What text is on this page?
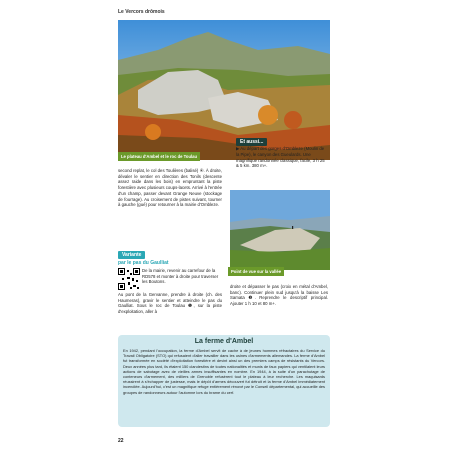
Le Vercors drômois
Le plateau d'Ambel et le roc de Toulau
Et aussi...
▶ Au départ des gorges d'Ombleze (Moulin de la Pipe), le canyon des Gueulards. Une magnifique randonnée classique, facile, 3 h 25 & 5 km. 380 m+.
second replat, le col des Toulières (balisé) ④. À droite, dévaler le sentier en direction des Tonils (descente assez raide dans les bois) en empruntant la piste forestière avec plusieurs coups-lacets. Arrivé à l'entrée d'un champ, passer devant Grange Neuve (stockage de fourrage). Au croisement de pistes suivant, tourner à gauche (gué) pour retourner à la mairie d'Ombleze.
Point de vue sur la vallée
Variante
par le pas du Gaulliat
De la mairie, revenir au carrefour de la RD578 et monter à droite pour traverser les Boutons.
Au pont de la Gervanne, prendre à droite (ch. des Haumeras), gravir le sentier et atteindre le pas du Gaulliat. Sous le roc de Toulau ❶, sur la piste d'exploitation, aller à
droite et dépasser le pas (croix en métal d'Ambel, banc). Continuer plein sud jusqu'à la baisse Les Samata ❸. Reprendre le descriptif principal. Ajouter 1 h 10 et 80 m+.
La ferme d'Ambel
En 1942, pendant l'occupation, la ferme d'Ambel servit de cache à de jeunes hommes réfractaires du Service du Travail Obligatoire (STO) qui refusaient d'aller travailler dans les usines d'armements allemandes. La ferme d'Ambel fut transformée en société d'exploitation forestière et devint ainsi un des premiers camps de résistants du Vercors. Deux années plus tard, ils étaient 150 clandestins de toutes nationalités et munis de faux papiers qui ventilaient leurs actions de sabotage avec de vieilles armes insuffisantes en nombre. En 1944, à la suite d'un parachutage de conteneurs d'armement, des milliers de Grenoble refusèrent tout le plateau à leur recherche. Les maquisards réussirent à s'échapper de justesse, mais le dépôt d'armes découvert fut détruit et la ferme d'Ambel immédiatement incendiée. Aujourd'hui, c'est un magnifique refuge entièrement rénové par le Conseil départemental, qui accueille des groupes de randonneurs autour l'automne lors du brame du cerf.
22
